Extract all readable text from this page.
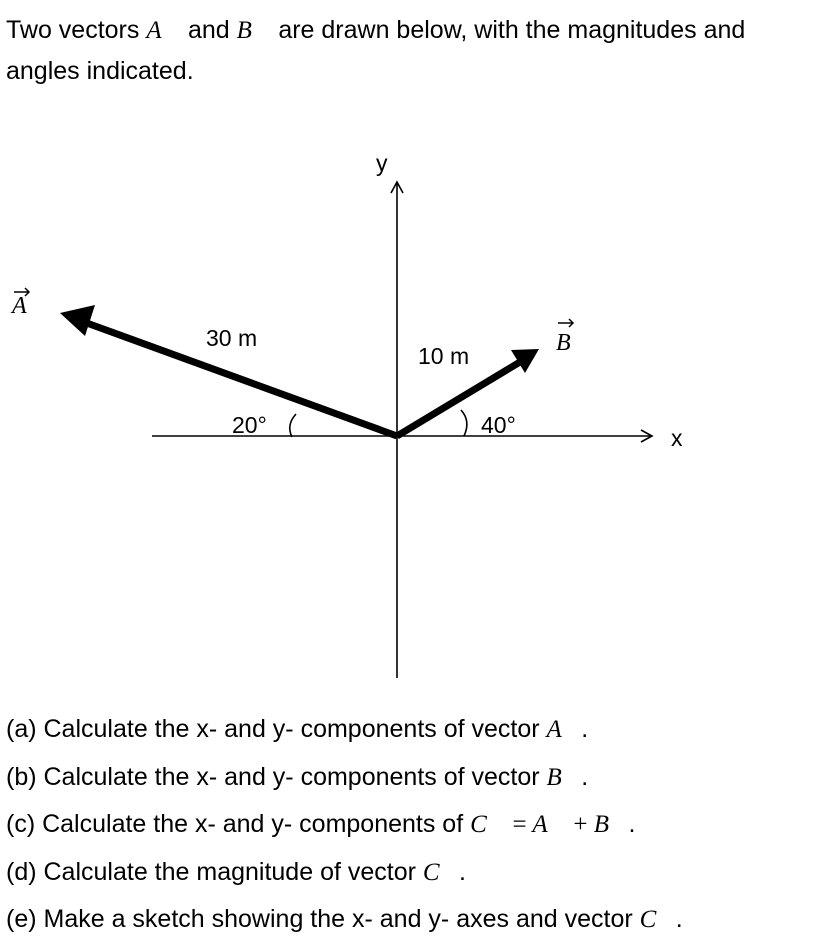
Two vectors A and B are drawn below, with the magnitudes and angles indicated.
x
y
A
30 m
20°
B
10 m
40°
(a) Calculate the x- and y- components of vector A⃗.
(b) Calculate the x- and y- components of vector B⃗.
(c) Calculate the x- and y- components of C⃗ = A⃗ + B⃗.
(d) Calculate the magnitude of vector C⃗.
(e) Make a sketch showing the x- and y- axes and vector C⃗.
